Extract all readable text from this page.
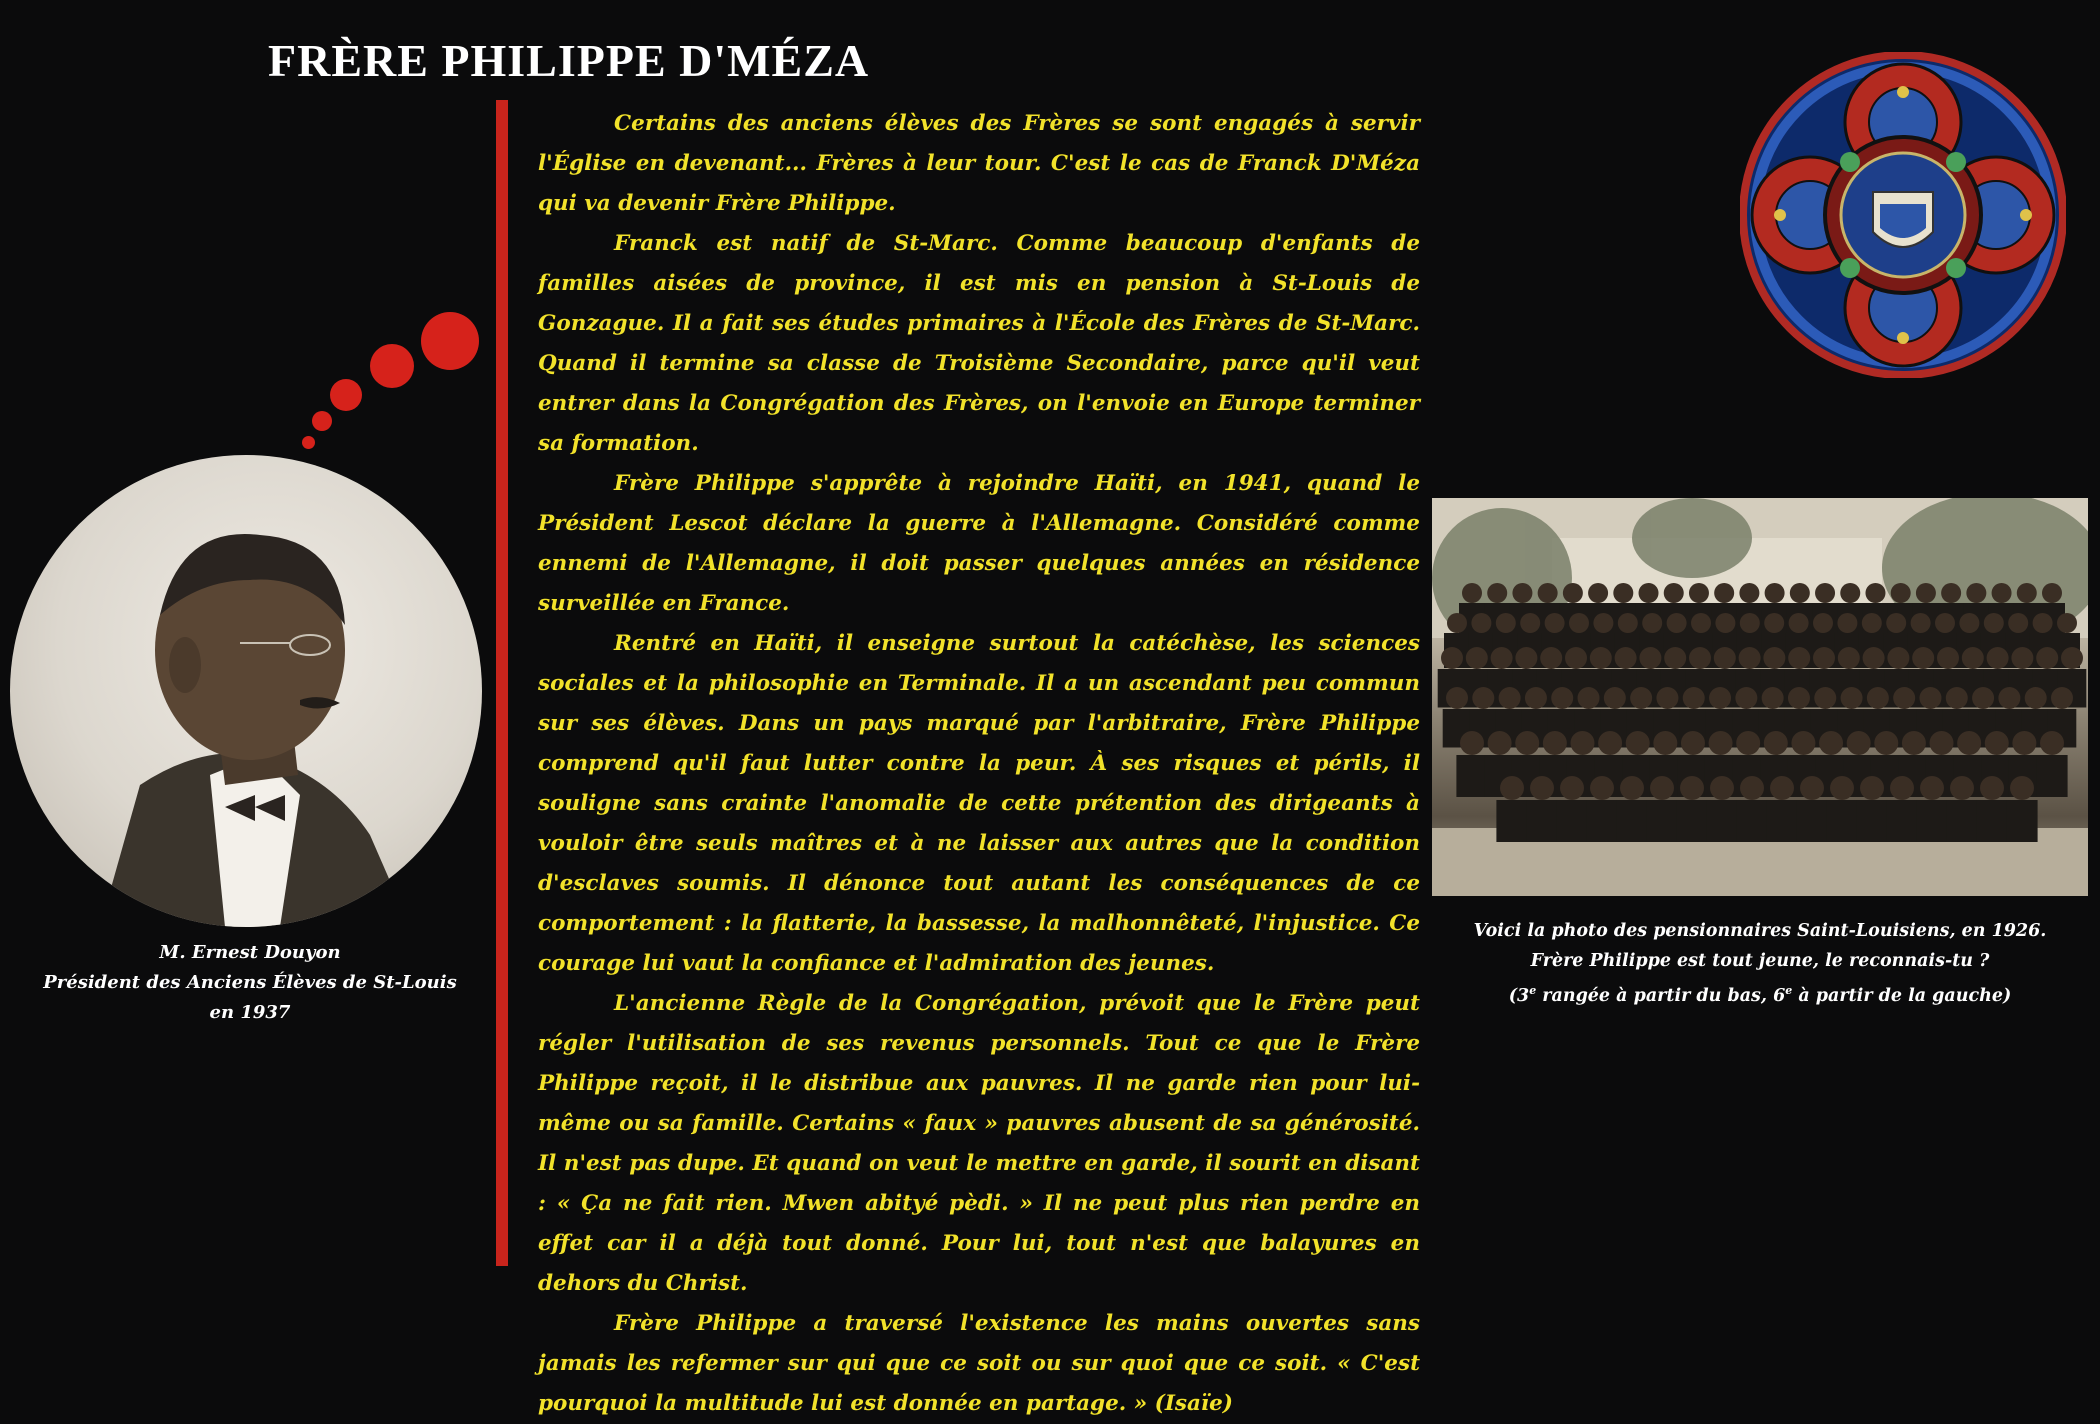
FRÈRE PHILIPPE D'MÉZA
M. Ernest Douyon
Président des Anciens Élèves de St-Louis
en 1937

Certains des anciens élèves des Frères se sont engagés à servir l'Église en devenant... Frères à leur tour. C'est le cas de Franck D'Méza qui va devenir Frère Philippe.

Franck est natif de St-Marc. Comme beaucoup d'enfants de familles aisées de province, il est mis en pension à St-Louis de Gonzague. Il a fait ses études primaires à l'École des Frères de St-Marc. Quand il termine sa classe de Troisième Secondaire, parce qu'il veut entrer dans la Congrégation des Frères, on l'envoie en Europe terminer sa formation.

Frère Philippe s'apprête à rejoindre Haïti, en 1941, quand le Président Lescot déclare la guerre à l'Allemagne. Considéré comme ennemi de l'Allemagne, il doit passer quelques années en résidence surveillée en France.

Rentré en Haïti, il enseigne surtout la catéchèse, les sciences sociales et la philosophie en Terminale. Il a un ascendant peu commun sur ses élèves. Dans un pays marqué par l'arbitraire, Frère Philippe comprend qu'il faut lutter contre la peur. À ses risques et périls, il souligne sans crainte l'anomalie de cette prétention des dirigeants à vouloir être seuls maîtres et à ne laisser aux autres que la condition d'esclaves soumis. Il dénonce tout autant les conséquences de ce comportement : la flatterie, la bassesse, la malhonnêteté, l'injustice. Ce courage lui vaut la confiance et l'admiration des jeunes.

L'ancienne Règle de la Congrégation, prévoit que le Frère peut régler l'utilisation de ses revenus personnels. Tout ce que le Frère Philippe reçoit, il le distribue aux pauvres. Il ne garde rien pour lui-même ou sa famille. Certains « faux » pauvres abusent de sa générosité. Il n'est pas dupe. Et quand on veut le mettre en garde, il sourit en disant : « Ça ne fait rien. Mwen abityé pèdi. » Il ne peut plus rien perdre en effet car il a déjà tout donné. Pour lui, tout n'est que balayures en dehors du Christ.

Frère Philippe a traversé l'existence les mains ouvertes sans jamais les refermer sur qui que ce soit ou sur quoi que ce soit. « C'est pourquoi la multitude lui est donnée en partage. » (Isaïe)

Voici la photo des pensionnaires Saint-Louisiens, en 1926.
Frère Philippe est tout jeune, le reconnais-tu ?
(3e rangée à partir du bas, 6e à partir de la gauche)
